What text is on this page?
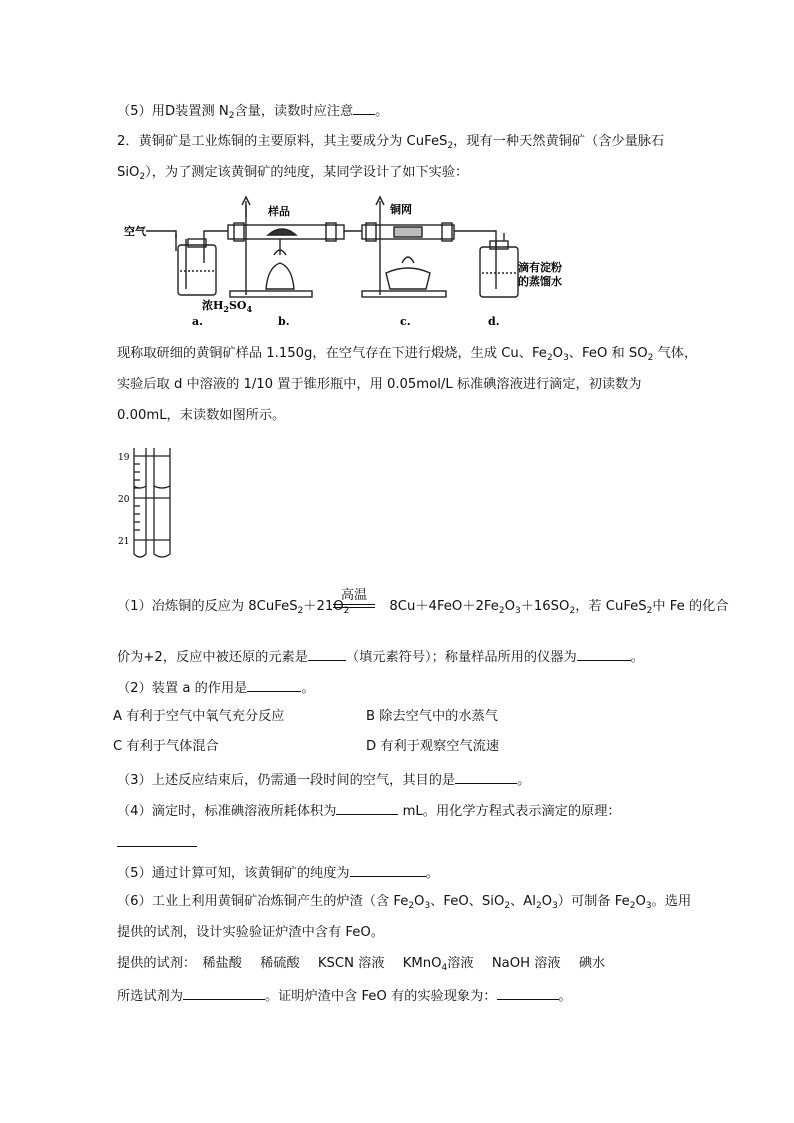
（5）用D装置测 $N_2$含量，读数时应注意 。
2．黄铜矿是工业炼铜的主要原料，其主要成分为 CuFeS$_2$，现有一种天然黄铜矿（含少量脉石
SiO$_2$），为了测定该黄铜矿的纯度，某同学设计了如下实验：
空气
样品	铜网
浓$H_2SO_4$
滴有淀粉
的蒸馏水
a.	b.	c.	d.
现称取研细的黄铜矿样品 1.150g，在空气存在下进行煅烧，生成 Cu、$Fe_2O_3$、FeO 和 $SO_2$ 气体，
实验后取 d 中溶液的 1/10 置于锥形瓶中，用 0.05mol/L 标准碘溶液进行滴定，初读数为
0.00mL，末读数如图所示。
19
20
21
高温
（1）冶炼铜的反应为 $8CuFeS_2+21O_2$	$8Cu+4FeO+2Fe_2O_3+16SO_2$，若 CuFeS$_2$中 Fe 的化合
价为+2，反应中被还原的元素是	（填元素符号）；称量样品所用的仪器为	。
（2）装置 a 的作用是	。
A 有利于空气中氧气充分反应	B 除去空气中的水蒸气
C 有利于气体混合	D 有利于观察空气流速
（3）上述反应结束后，仍需通一段时间的空气，其目的是	。
（4）滴定时，标准碘溶液所耗体积为	mL。用化学方程式表示滴定的原理：
（5）通过计算可知，该黄铜矿的纯度为	。
（6）工业上利用黄铜矿冶炼铜产生的炉渣（含 $Fe_2O_3$、FeO、SiO$_2$、$Al_2O_3$）可制备 $Fe_2O_3$。选用
提供的试剂，设计实验验证炉渣中含有 FeO。
提供的试剂： 稀盐酸 稀硫酸 KSCN 溶液 KMnO$_4$溶液 NaOH 溶液 碘水
所选试剂为	。证明炉渣中含 FeO 有的实验现象为：	。
